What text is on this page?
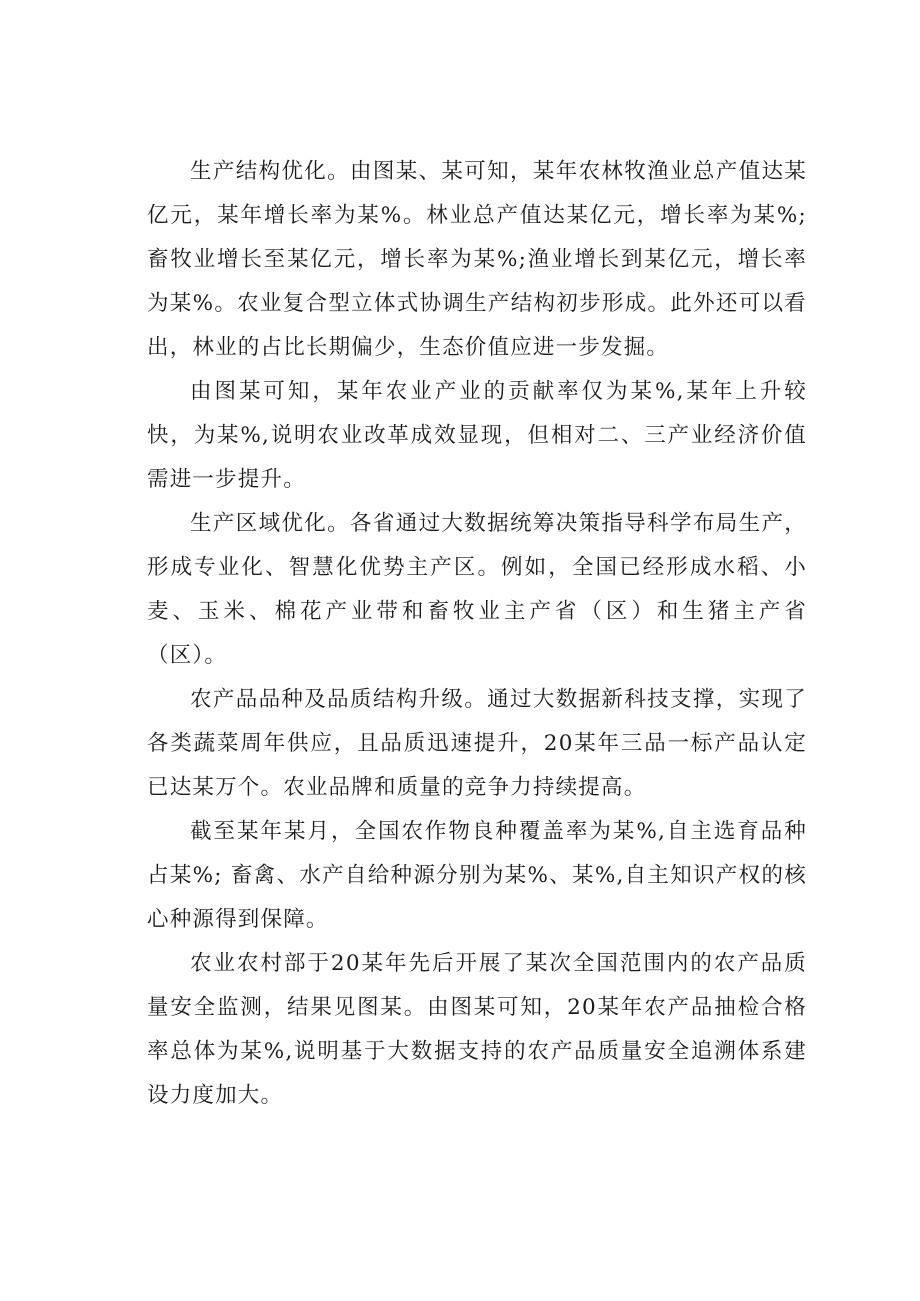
生产结构优化。由图某、某可知，某年农林牧渔业总产值达某亿元，某年增长率为某%。林业总产值达某亿元，增长率为某%;畜牧业增长至某亿元，增长率为某%;渔业增长到某亿元，增长率为某%。农业复合型立体式协调生产结构初步形成。此外还可以看出，林业的占比长期偏少，生态价值应进一步发掘。

由图某可知，某年农业产业的贡献率仅为某%,某年上升较快，为某%,说明农业改革成效显现，但相对二、三产业经济价值需进一步提升。

生产区域优化。各省通过大数据统筹决策指导科学布局生产，形成专业化、智慧化优势主产区。例如，全国已经形成水稻、小麦、玉米、棉花产业带和畜牧业主产省（区）和生猪主产省（区）。

农产品品种及品质结构升级。通过大数据新科技支撑，实现了各类蔬菜周年供应，且品质迅速提升，20某年三品一标产品认定已达某万个。农业品牌和质量的竞争力持续提高。

截至某年某月，全国农作物良种覆盖率为某%,自主选育品种占某%; 畜禽、水产自给种源分别为某%、某%,自主知识产权的核心种源得到保障。

农业农村部于20某年先后开展了某次全国范围内的农产品质量安全监测，结果见图某。由图某可知，20某年农产品抽检合格率总体为某%,说明基于大数据支持的农产品质量安全追溯体系建设力度加大。
